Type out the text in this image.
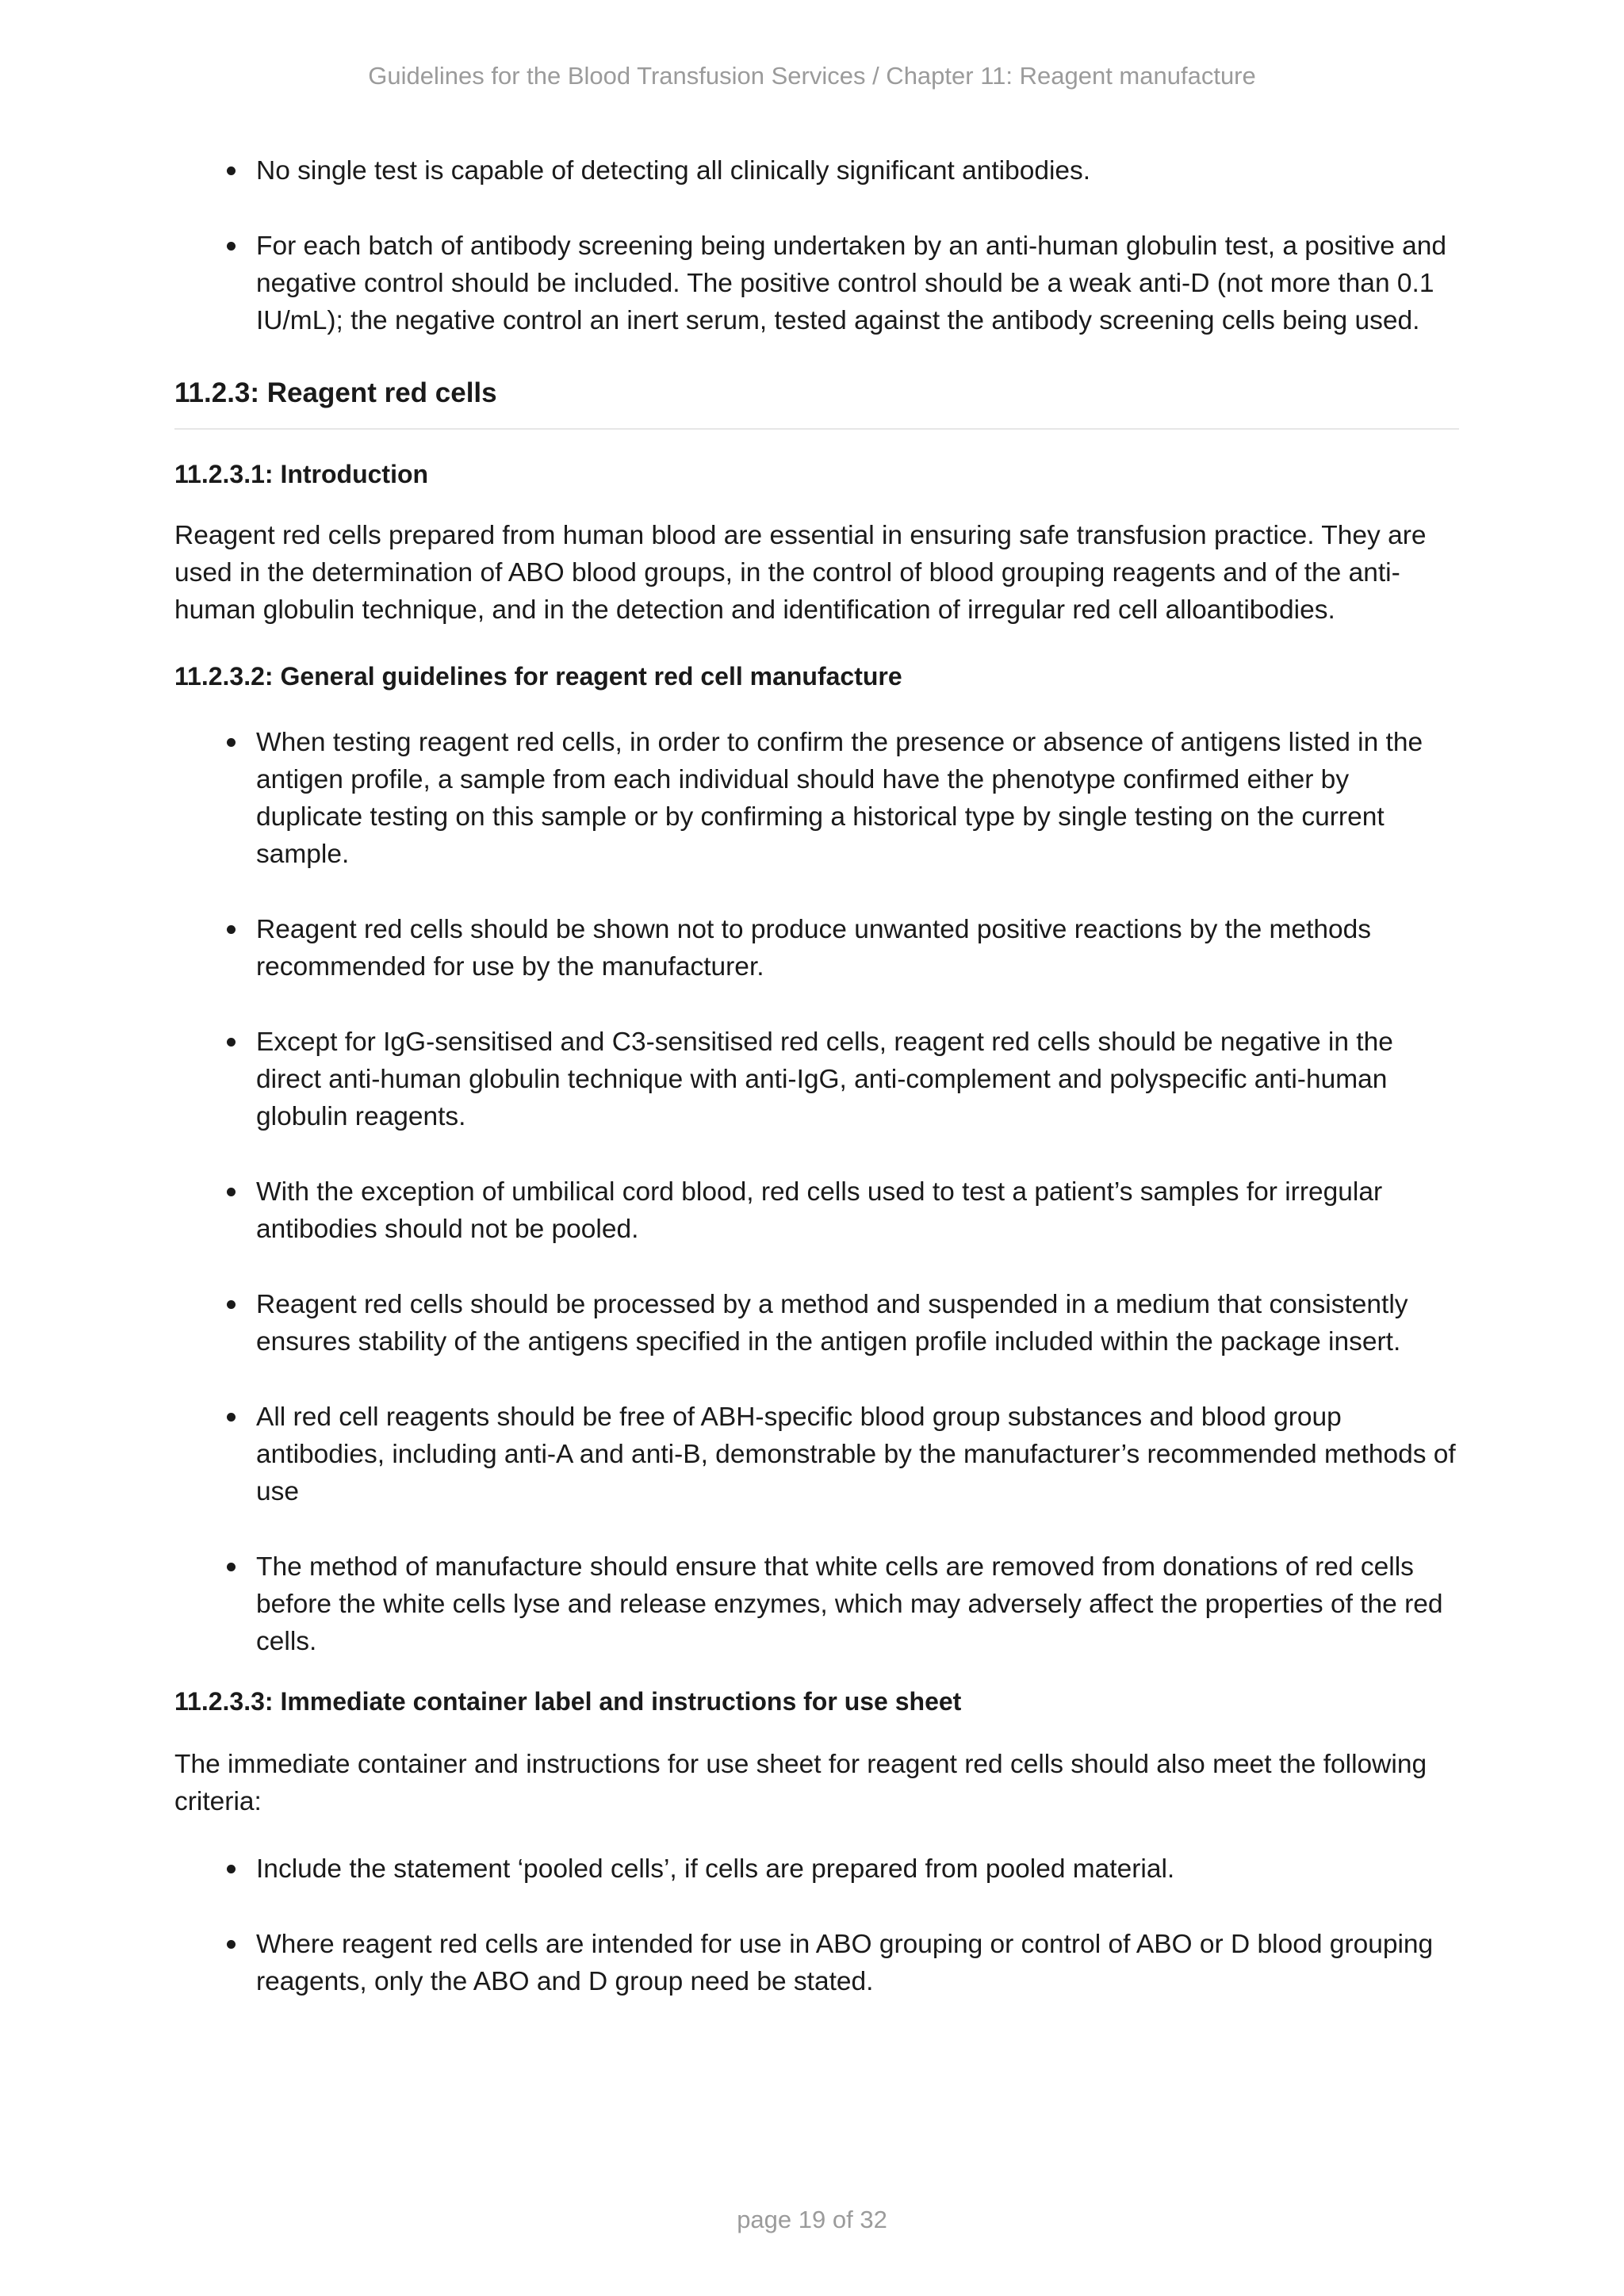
Guidelines for the Blood Transfusion Services / Chapter 11: Reagent manufacture
No single test is capable of detecting all clinically significant antibodies.
For each batch of antibody screening being undertaken by an anti-human globulin test, a positive and negative control should be included. The positive control should be a weak anti-D (not more than 0.1 IU/mL); the negative control an inert serum, tested against the antibody screening cells being used.
11.2.3: Reagent red cells
11.2.3.1: Introduction

Reagent red cells prepared from human blood are essential in ensuring safe transfusion practice. They are used in the determination of ABO blood groups, in the control of blood grouping reagents and of the anti-human globulin technique, and in the detection and identification of irregular red cell alloantibodies.

11.2.3.2: General guidelines for reagent red cell manufacture
When testing reagent red cells, in order to confirm the presence or absence of antigens listed in the antigen profile, a sample from each individual should have the phenotype confirmed either by duplicate testing on this sample or by confirming a historical type by single testing on the current sample.
Reagent red cells should be shown not to produce unwanted positive reactions by the methods recommended for use by the manufacturer.
Except for IgG-sensitised and C3-sensitised red cells, reagent red cells should be negative in the direct anti-human globulin technique with anti-IgG, anti-complement and polyspecific anti-human globulin reagents.
With the exception of umbilical cord blood, red cells used to test a patient’s samples for irregular antibodies should not be pooled.
Reagent red cells should be processed by a method and suspended in a medium that consistently ensures stability of the antigens specified in the antigen profile included within the package insert.
All red cell reagents should be free of ABH-specific blood group substances and blood group antibodies, including anti-A and anti-B, demonstrable by the manufacturer’s recommended methods of use
The method of manufacture should ensure that white cells are removed from donations of red cells before the white cells lyse and release enzymes, which may adversely affect the properties of the red cells.
11.2.3.3: Immediate container label and instructions for use sheet

The immediate container and instructions for use sheet for reagent red cells should also meet the following criteria:

Include the statement ‘pooled cells’, if cells are prepared from pooled material.
Where reagent red cells are intended for use in ABO grouping or control of ABO or D blood grouping reagents, only the ABO and D group need be stated.
page 19 of 32
